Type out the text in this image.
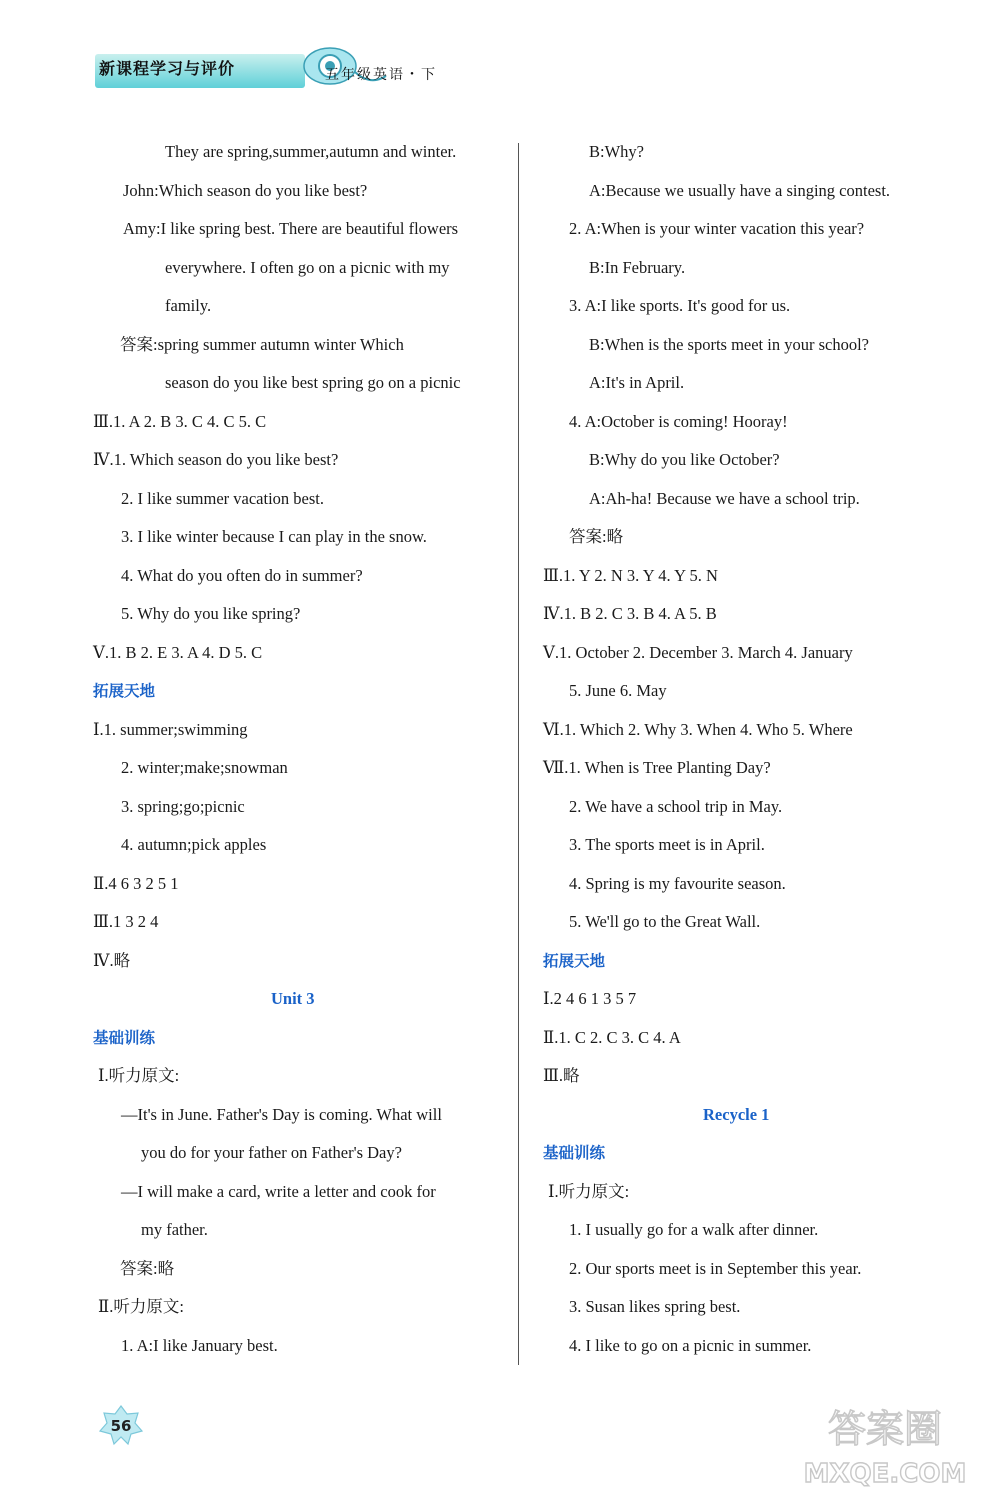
新课程学习与评价	五年级英语・下
They are spring,summer,autumn and winter.
John:Which season do you like best?
Amy:I like spring best. There are beautiful flowers
everywhere. I often go on a picnic with my
family.
答案:spring summer autumn winter Which
season do you like best spring go on a picnic
Ⅲ.1. A 2. B 3. C 4. C 5. C
Ⅳ.1. Which season do you like best?
2. I like summer vacation best.
3. I like winter because I can play in the snow.
4. What do you often do in summer?
5. Why do you like spring?
Ⅴ.1. B 2. E 3. A 4. D 5. C
拓展天地
Ⅰ.1. summer;swimming
2. winter;make;snowman
3. spring;go;picnic
4. autumn;pick apples
Ⅱ.4 6 3 2 5 1
Ⅲ.1 3 2 4
Ⅳ.略
Unit 3
基础训练
Ⅰ.听力原文:
—It's in June. Father's Day is coming. What will
you do for your father on Father's Day?
—I will make a card, write a letter and cook for
my father.
答案:略
Ⅱ.听力原文:
1. A:I like January best.
B:Why?
A:Because we usually have a singing contest.
2. A:When is your winter vacation this year?
B:In February.
3. A:I like sports. It's good for us.
B:When is the sports meet in your school?
A:It's in April.
4. A:October is coming! Hooray!
B:Why do you like October?
A:Ah-ha! Because we have a school trip.
答案:略
Ⅲ.1. Y 2. N 3. Y 4. Y 5. N
Ⅳ.1. B 2. C 3. B 4. A 5. B
Ⅴ.1. October 2. December 3. March 4. January
5. June 6. May
Ⅵ.1. Which 2. Why 3. When 4. Who 5. Where
Ⅶ.1. When is Tree Planting Day?
2. We have a school trip in May.
3. The sports meet is in April.
4. Spring is my favourite season.
5. We'll go to the Great Wall.
拓展天地
Ⅰ.2 4 6 1 3 5 7
Ⅱ.1. C 2. C 3. C 4. A
Ⅲ.略
Recycle 1
基础训练
Ⅰ.听力原文:
1. I usually go for a walk after dinner.
2. Our sports meet is in September this year.
3. Susan likes spring best.
4. I like to go on a picnic in summer.
56	答案圈
MXQE.COM
